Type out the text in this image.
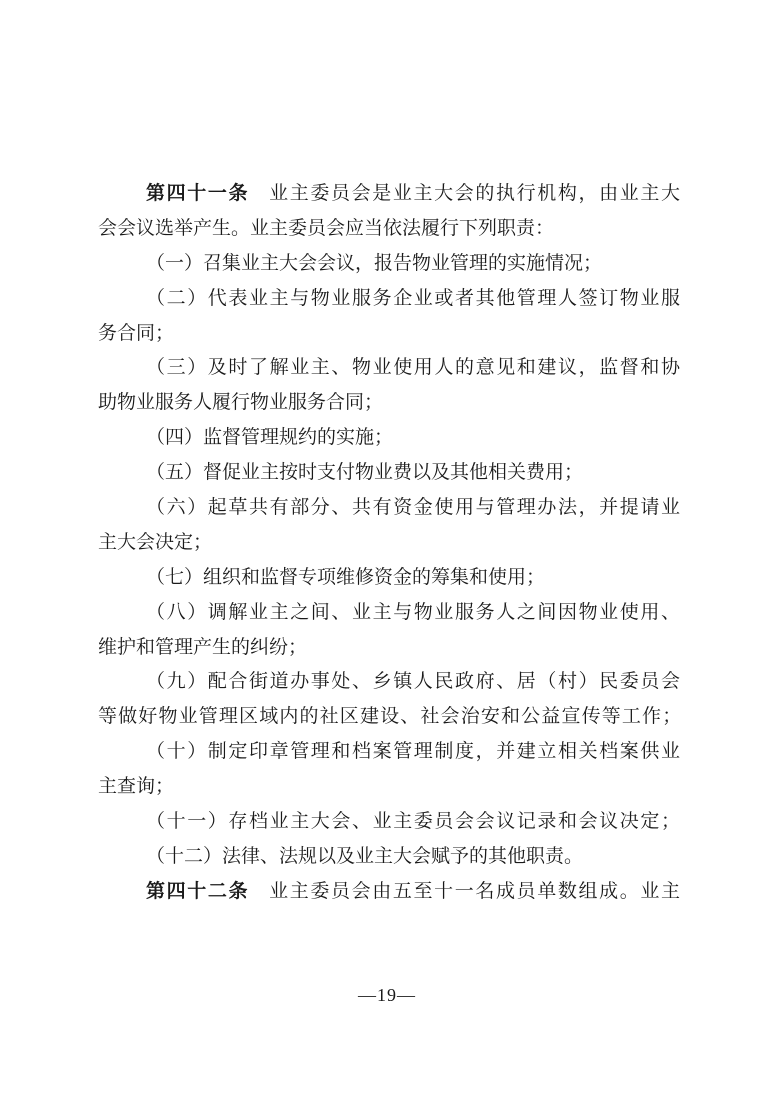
第四十一条 业主委员会是业主大会的执行机构，由业主大
会会议选举产生。业主委员会应当依法履行下列职责：
（一）召集业主大会会议，报告物业管理的实施情况；
（二）代表业主与物业服务企业或者其他管理人签订物业服
务合同；
（三）及时了解业主、物业使用人的意见和建议，监督和协
助物业服务人履行物业服务合同；
（四）监督管理规约的实施；
（五）督促业主按时支付物业费以及其他相关费用；
（六）起草共有部分、共有资金使用与管理办法，并提请业
主大会决定；
（七）组织和监督专项维修资金的筹集和使用；
（八）调解业主之间、业主与物业服务人之间因物业使用、
维护和管理产生的纠纷；
（九）配合街道办事处、乡镇人民政府、居（村）民委员会
等做好物业管理区域内的社区建设、社会治安和公益宣传等工作；
（十）制定印章管理和档案管理制度，并建立相关档案供业
主查询；
（十一）存档业主大会、业主委员会会议记录和会议决定；
（十二）法律、法规以及业主大会赋予的其他职责。
第四十二条 业主委员会由五至十一名成员单数组成。业主
—19—
